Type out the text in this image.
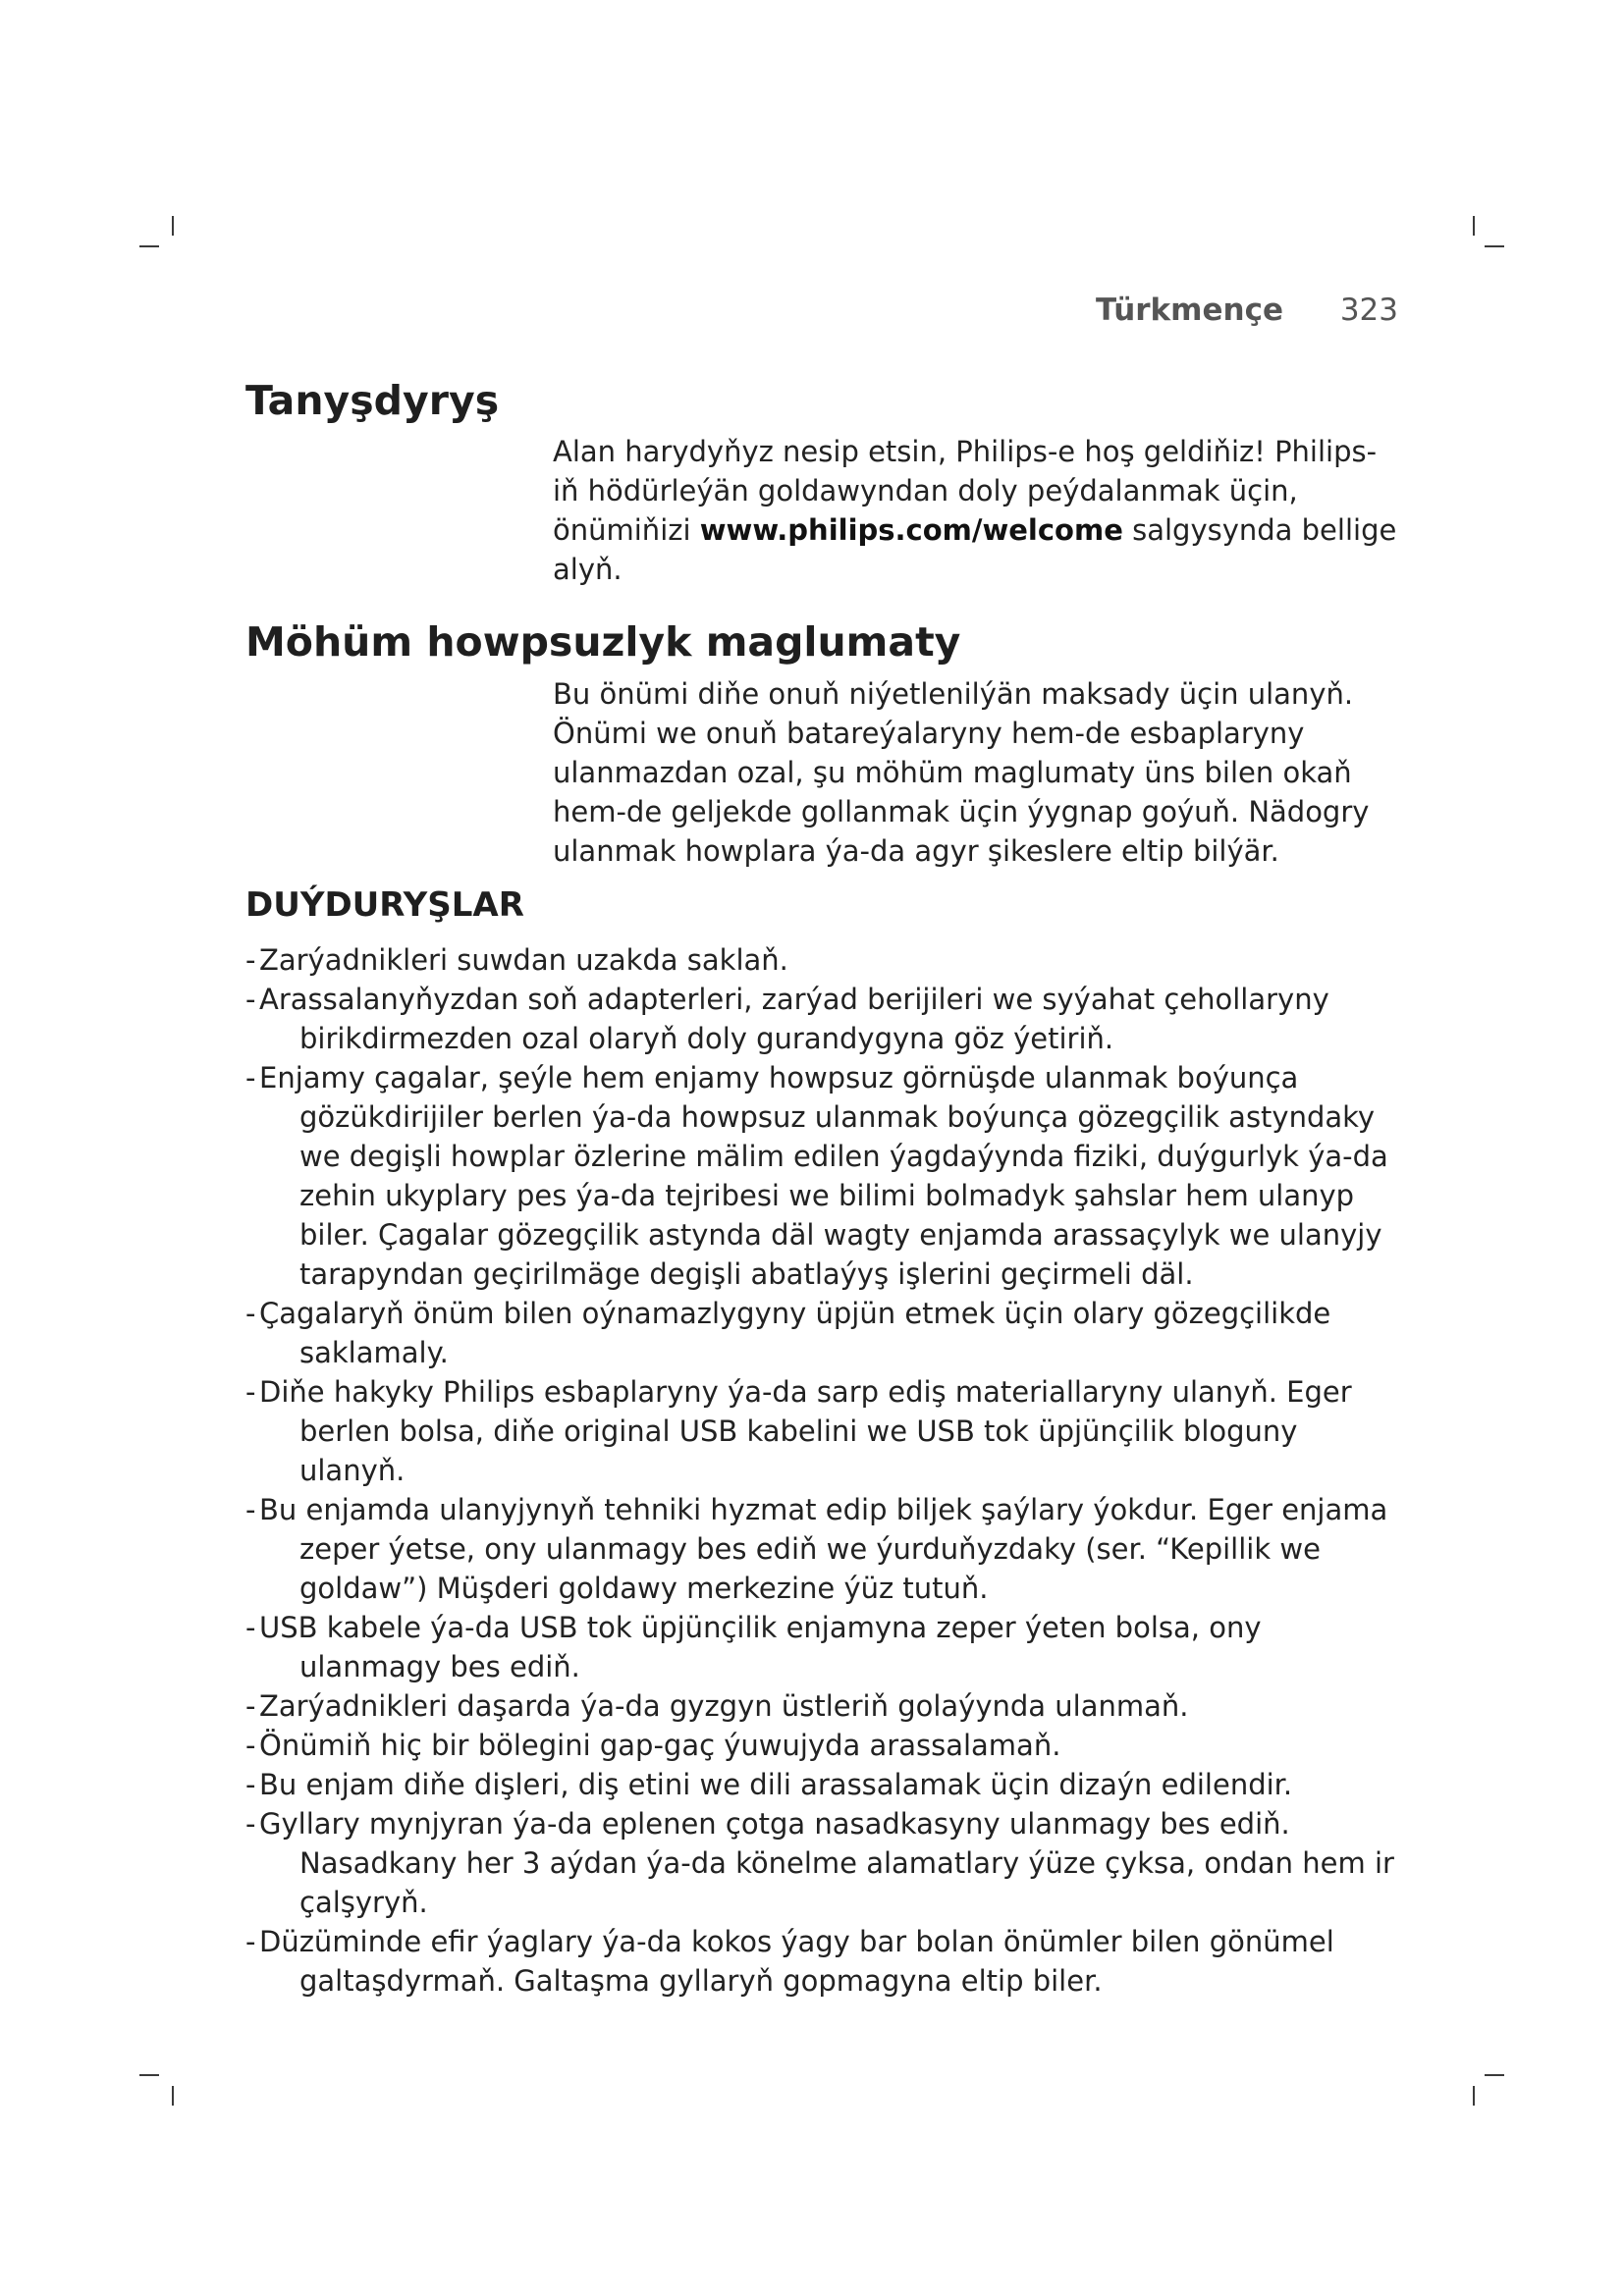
Türkmençe 323
Tanyşdyryş

Alan harydyňyz nesip etsin, Philips-e hoş geldiňiz! Philips-iň hödürleýän goldawyndan doly peýdalanmak üçin, önümiňizi www.philips.com/welcome salgysynda bellige alyň.

Möhüm howpsuzlyk maglumaty

Bu önümi diňe onuň niýetlenilýän maksady üçin ulanyň. Önümi we onuň batareýalaryny hem-de esbaplaryny ulanmazdan ozal, şu möhüm maglumaty üns bilen okaň hem-de geljekde gollanmak üçin ýygnap goýuň. Nädogry ulanmak howplara ýa-da agyr şikeslere eltip bilýär.

DUÝDURYŞLAR
- Zarýadnikleri suwdan uzakda saklaň.
- Arassalanyňyzdan soň adapterleri, zarýad berijileri we syýahat çehollaryny birikdirmezden ozal olaryň doly gurandygyna göz ýetiriň.
- Enjamy çagalar, şeýle hem enjamy howpsuz görnüşde ulanmak boýunça gözükdirijiler berlen ýa-da howpsuz ulanmak boýunça gözegçilik astyndaky we degişli howplar özlerine mälim edilen ýagdaýynda fiziki, duýgurlyk ýa-da zehin ukyplary pes ýa-da tejribesi we bilimi bolmadyk şahslar hem ulanyp biler. Çagalar gözegçilik astynda däl wagty enjamda arassaçylyk we ulanyjy tarapyndan geçirilmäge degişli abatlaýyş işlerini geçirmeli däl.
- Çagalaryň önüm bilen oýnamazlygyny üpjün etmek üçin olary gözegçilikde saklamaly.
- Diňe hakyky Philips esbaplaryny ýa-da sarp ediş materiallaryny ulanyň. Eger berlen bolsa, diňe original USB kabelini we USB tok üpjünçilik bloguny ulanyň.
- Bu enjamda ulanyjynyň tehniki hyzmat edip biljek şaýlary ýokdur. Eger enjama zeper ýetse, ony ulanmagy bes ediň we ýurduňyzdaky (ser. “Kepillik we goldaw”) Müşderi goldawy merkezine ýüz tutuň.
- USB kabele ýa-da USB tok üpjünçilik enjamyna zeper ýeten bolsa, ony ulanmagy bes ediň.
- Zarýadnikleri daşarda ýa-da gyzgyn üstleriň golaýynda ulanmaň.
- Önümiň hiç bir bölegini gap-gaç ýuwujyda arassalamaň.
- Bu enjam diňe dişleri, diş etini we dili arassalamak üçin dizaýn edilendir.
- Gyllary mynjyran ýa-da eplenen çotga nasadkasyny ulanmagy bes ediň. Nasadkany her 3 aýdan ýa-da könelme alamatlary ýüze çyksa, ondan hem ir çalşyryň.
- Düzüminde efir ýaglary ýa-da kokos ýagy bar bolan önümler bilen gönümel galtaşdyrmaň. Galtaşma gyllaryň gopmagyna eltip biler.
